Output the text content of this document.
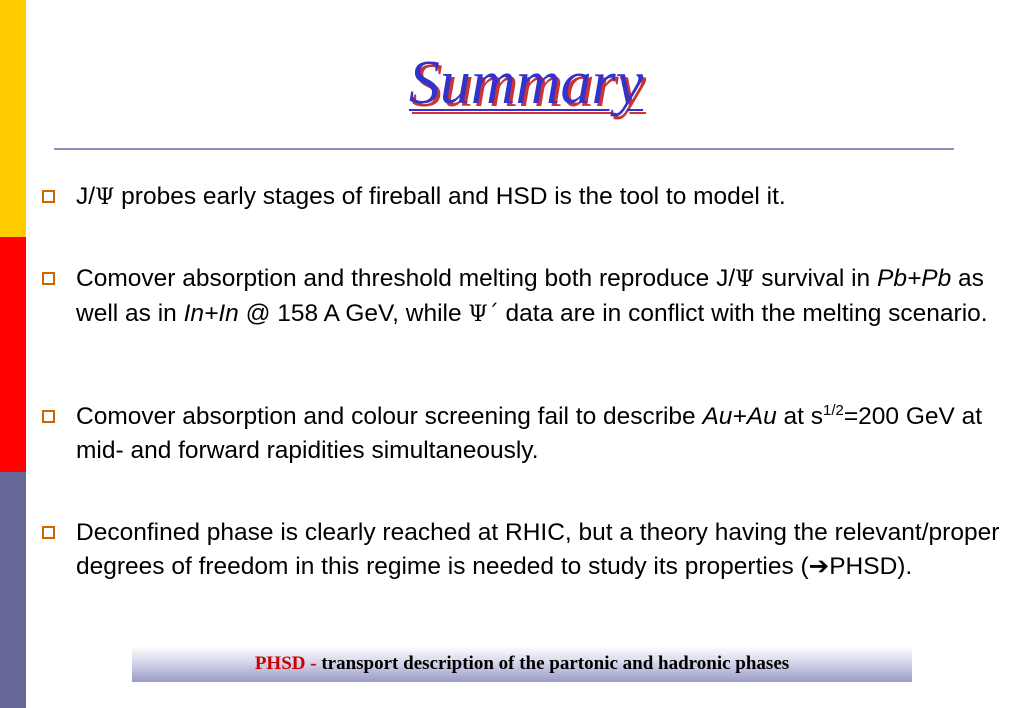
Summary
J/Ψ probes early stages of fireball and HSD is the tool to model it.
Comover absorption and threshold melting both reproduce J/Ψ survival in Pb+Pb as well as in In+In @ 158 A GeV, while Ψ´ data are in conflict with the melting scenario.
Comover absorption and colour screening fail to describe Au+Au at $s^{1/2}=200$ GeV at mid- and forward rapidities simultaneously.
Deconfined phase is clearly reached at RHIC, but a theory having the relevant/proper degrees of freedom in this regime is needed to study its properties (➔PHSD).
PHSD - transport description of the partonic and hadronic phases
